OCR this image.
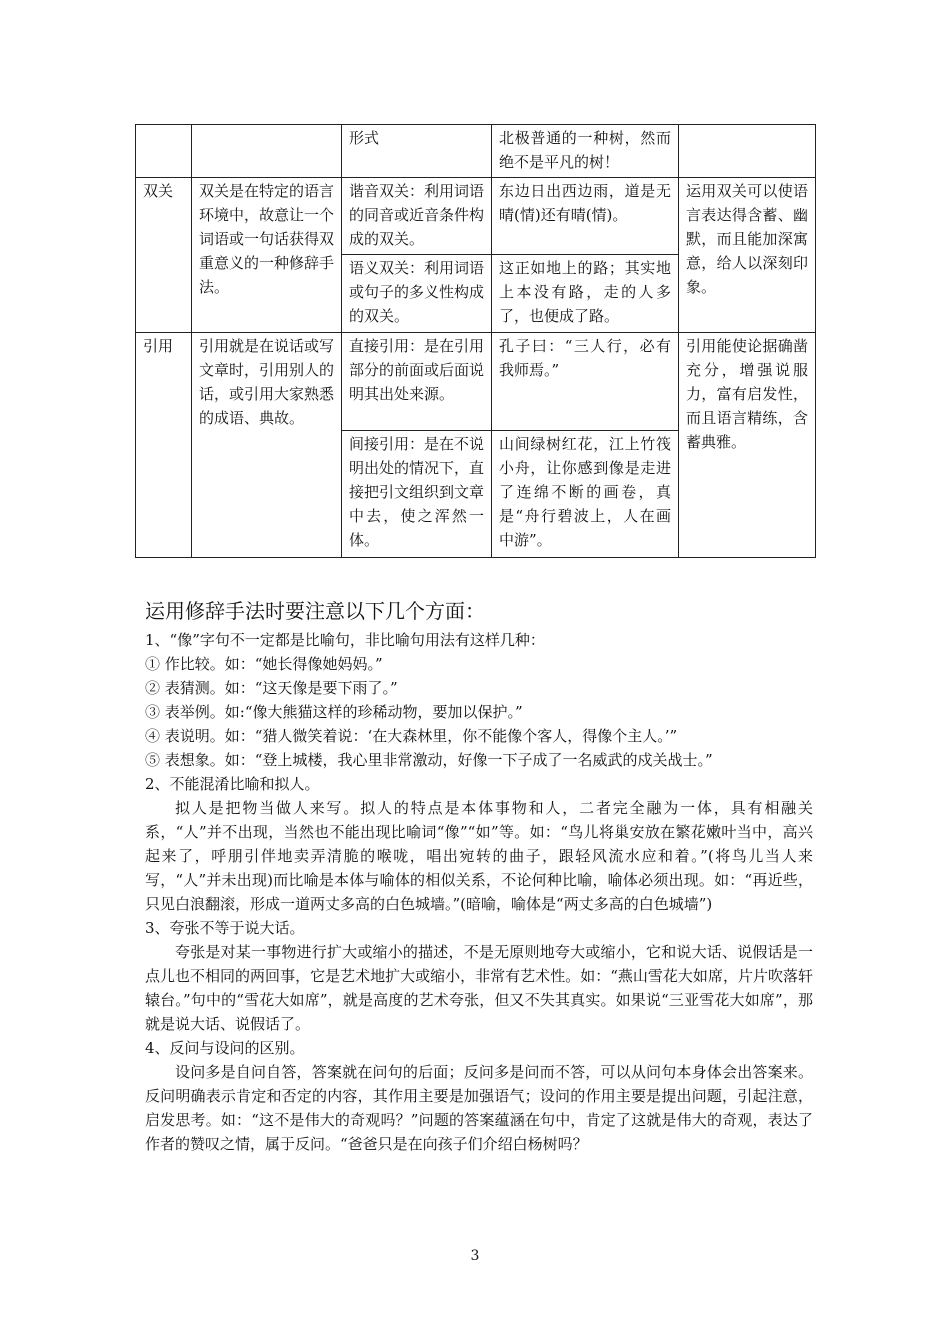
		形式	北极普通的一种树，然而绝不是平凡的树！	
双关	双关是在特定的语言环境中，故意让一个词语或一句话获得双重意义的一种修辞手法。	谐音双关：利用词语的同音或近音条件构成的双关。	东边日出西边雨，道是无晴(情)还有晴(情)。	运用双关可以使语言表达得含蓄、幽默，而且能加深寓意，给人以深刻印象。
		语义双关：利用词语或句子的多义性构成的双关。	这正如地上的路；其实地上本没有路，走的人多了，也便成了路。	
引用	引用就是在说话或写文章时，引用别人的话，或引用大家熟悉的成语、典故。	直接引用：是在引用部分的前面或后面说明其出处来源。	孔子曰：“三人行，必有我师焉。”	引用能使论据确凿充分，增强说服力，富有启发性，而且语言精练，含蓄典雅。
		间接引用：是在不说明出处的情况下，直接把引文组织到文章中去，使之浑然一体。	山间绿树红花，江上竹筏小舟，让你感到像是走进了连绵不断的画卷，真是“舟行碧波上，人在画中游”。	
运用修辞手法时要注意以下几个方面：

1、“像”字句不一定都是比喻句，非比喻句用法有这样几种：

① 作比较。如：“她长得像她妈妈。”

② 表猜测。如：“这天像是要下雨了。”

③ 表举例。如:“像大熊猫这样的珍稀动物，要加以保护。”

④ 表说明。如：“猎人微笑着说：‘在大森林里，你不能像个客人，得像个主人。’”

⑤ 表想象。如：“登上城楼，我心里非常激动，好像一下子成了一名威武的戍关战士。”

2、不能混淆比喻和拟人。

拟人是把物当做人来写。拟人的特点是本体事物和人，二者完全融为一体，具有相融关系，“人”并不出现，当然也不能出现比喻词“像”“如”等。如：“鸟儿将巢安放在繁花嫩叶当中，高兴起来了，呼朋引伴地卖弄清脆的喉咙，唱出宛转的曲子，跟轻风流水应和着。”(将鸟儿当人来写，“人”并未出现)而比喻是本体与喻体的相似关系，不论何种比喻，喻体必须出现。如：“再近些，只见白浪翻滚，形成一道两丈多高的白色城墙。”(暗喻，喻体是“两丈多高的白色城墙”)

3、夸张不等于说大话。

夸张是对某一事物进行扩大或缩小的描述，不是无原则地夸大或缩小，它和说大话、说假话是一点儿也不相同的两回事，它是艺术地扩大或缩小，非常有艺术性。如：“燕山雪花大如席，片片吹落轩辕台。”句中的“雪花大如席”，就是高度的艺术夸张，但又不失其真实。如果说“三亚雪花大如席”，那就是说大话、说假话了。

4、反问与设问的区别。

设问多是自问自答，答案就在问句的后面；反问多是问而不答，可以从问句本身体会出答案来。反问明确表示肯定和否定的内容，其作用主要是加强语气；设问的作用主要是提出问题，引起注意，启发思考。如：“这不是伟大的奇观吗？”问题的答案蕴涵在句中，肯定了这就是伟大的奇观，表达了作者的赞叹之情，属于反问。“爸爸只是在向孩子们介绍白杨树吗？

3
